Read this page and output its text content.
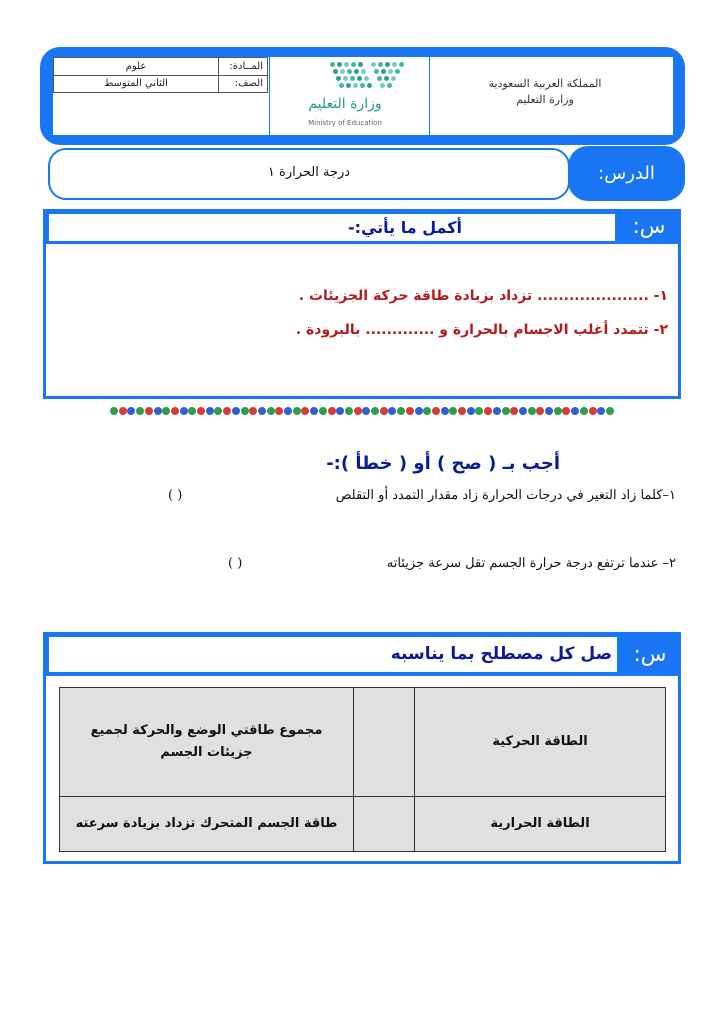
المــادة:	علوم
الصف:	الثاني المتوسط
وزارة التعليم
Ministry of Education
المملكة العربية السعودية
وزارة التعليم
درجة الحرارة ١	الدرس:
أكمل ما يأتي:-	س:
١- ..................... تزداد بزيادة طاقة حركة الجزيئات .
٢- تتمدد أغلب الاجسام بالحرارة و ............. بالبرودة .
أجب بـ ( صح ) أو ( خطأ ):-
١–كلما زاد التغير في درجات الحرارة زاد مقدار التمدد أو التقلص
( )
٢– عندما ترتفع درجة حرارة الجسم تقل سرعة جزيئاته
( )
صل كل مصطلح بما يناسبه	س:
الطاقة الحركية		مجموع طاقتي الوضع والحركة لجميع جزيئات الجسم
الطاقة الحرارية		طاقة الجسم المتحرك تزداد بزيادة سرعته
